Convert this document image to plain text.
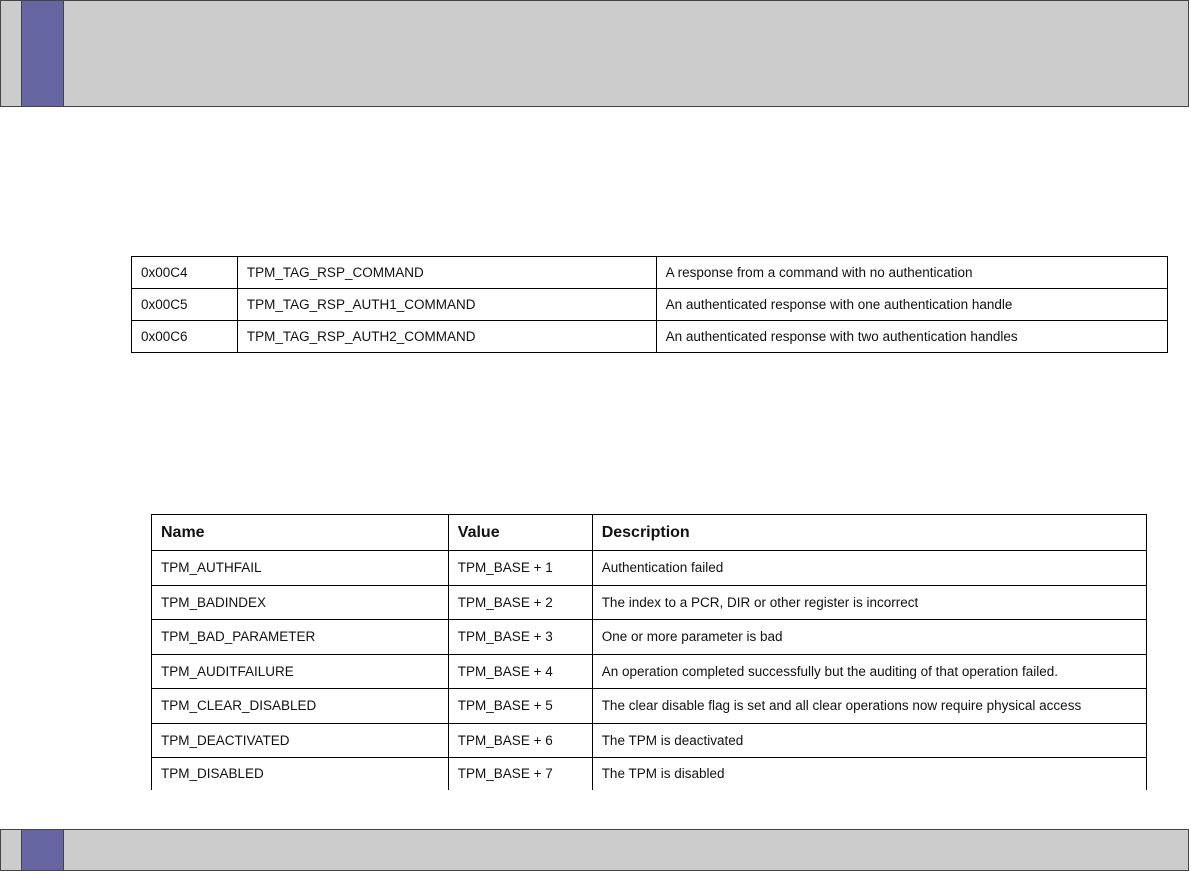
0x00C4	TPM_TAG_RSP_COMMAND	A response from a command with no authentication
0x00C5	TPM_TAG_RSP_AUTH1_COMMAND	An authenticated response with one authentication handle
0x00C6	TPM_TAG_RSP_AUTH2_COMMAND	An authenticated response with two authentication handles
Name	Value	Description
TPM_AUTHFAIL	TPM_BASE + 1	Authentication failed
TPM_BADINDEX	TPM_BASE + 2	The index to a PCR, DIR or other register is incorrect
TPM_BAD_PARAMETER	TPM_BASE + 3	One or more parameter is bad
TPM_AUDITFAILURE	TPM_BASE + 4	An operation completed successfully but the auditing of that operation failed.
TPM_CLEAR_DISABLED	TPM_BASE + 5	The clear disable flag is set and all clear operations now require physical access
TPM_DEACTIVATED	TPM_BASE + 6	The TPM is deactivated
TPM_DISABLED	TPM_BASE + 7	The TPM is disabled
